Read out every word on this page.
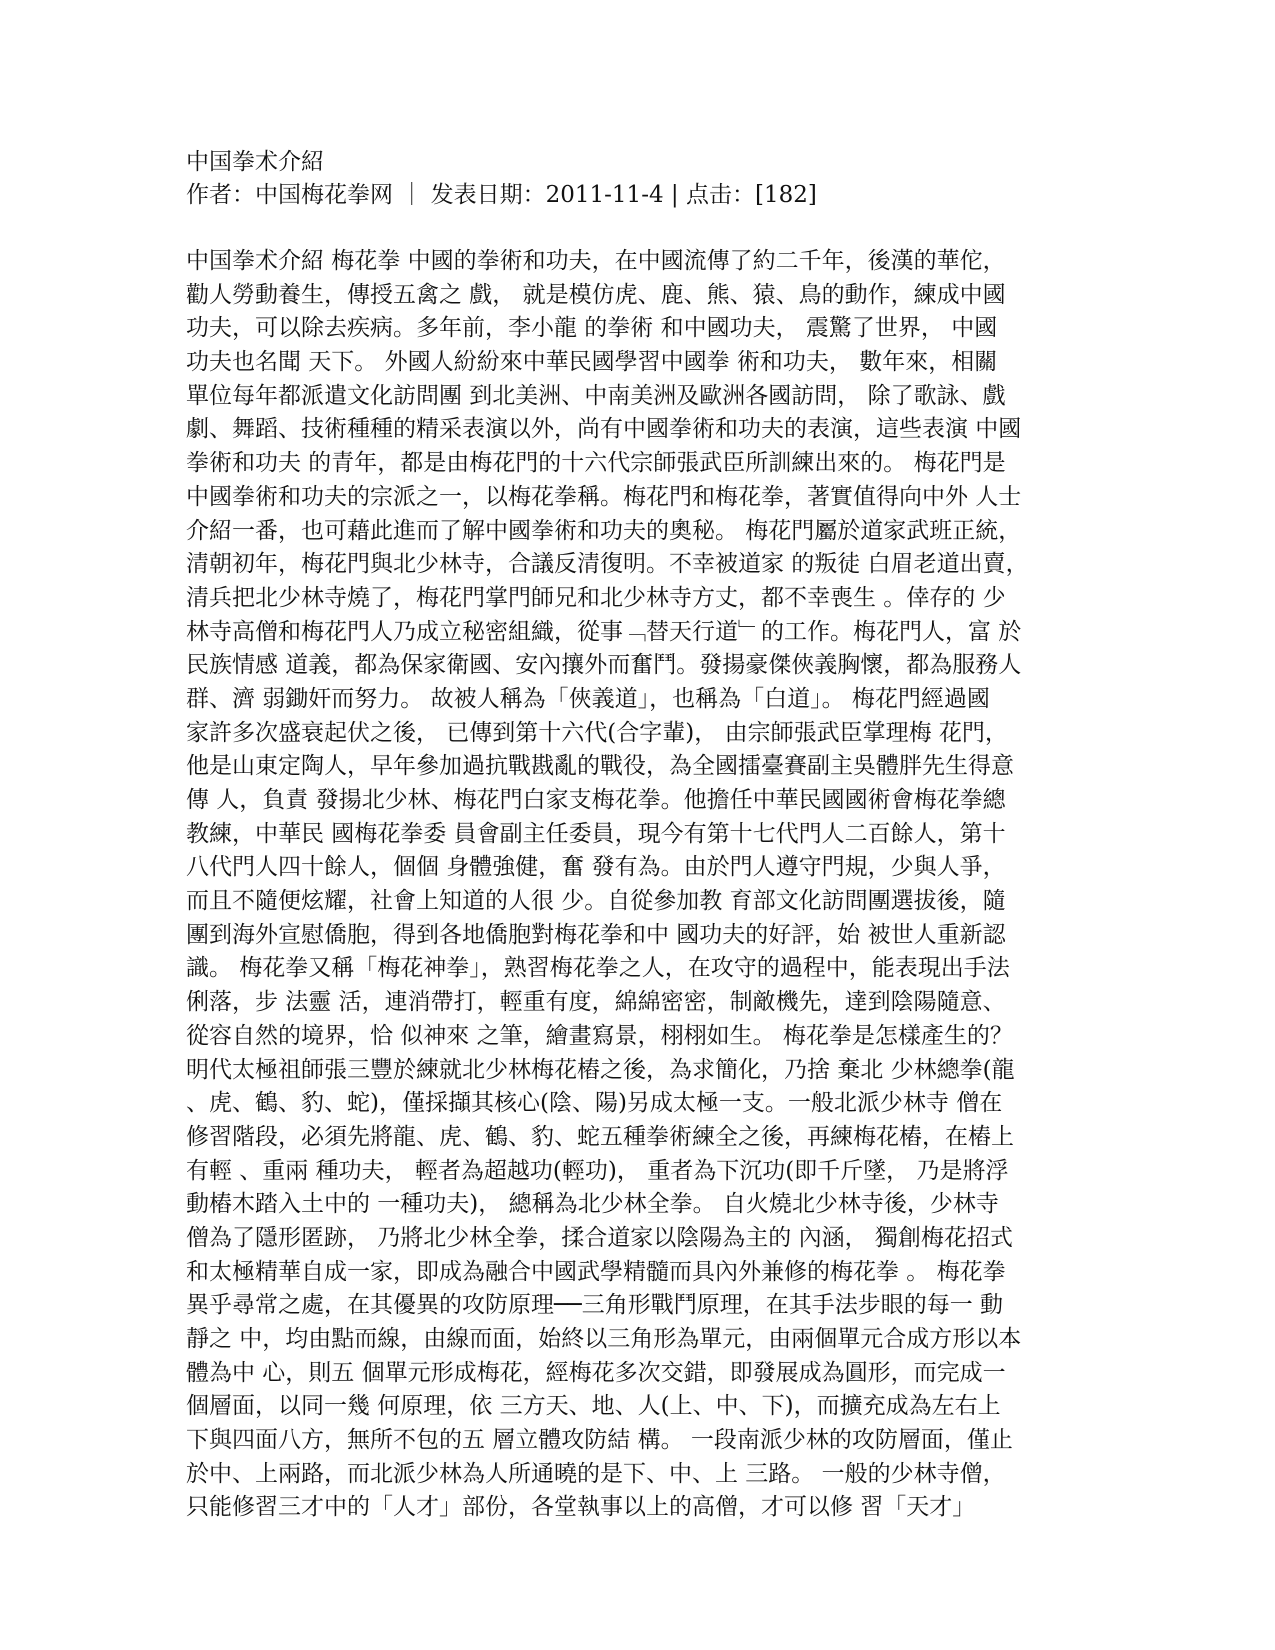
中国拳术介紹

作者：中国梅花拳网 ｜ 发表日期：2011-11-4 | 点击：[182]

中国拳术介紹 梅花拳 中國的拳術和功夫，在中國流傳了約二千年，後漢的華佗，
勸人勞動養生，傳授五禽之 戲， 就是模仿虎、鹿、熊、猿、鳥的動作，練成中國
功夫，可以除去疾病。多年前，李小龍 的拳術 和中國功夫， 震驚了世界， 中國
功夫也名聞 天下。 外國人紛紛來中華民國學習中國拳 術和功夫， 數年來，相關
單位每年都派遣文化訪問團 到北美洲、中南美洲及歐洲各國訪問， 除了歌詠、戲
劇、舞蹈、技術種種的精采表演以外，尚有中國拳術和功夫的表演，這些表演 中國
拳術和功夫 的青年，都是由梅花門的十六代宗師張武臣所訓練出來的。 梅花門是
中國拳術和功夫的宗派之一，以梅花拳稱。梅花門和梅花拳，著實值得向中外 人士
介紹一番，也可藉此進而了解中國拳術和功夫的奧秘。 梅花門屬於道家武班正統，
清朝初年，梅花門與北少林寺，合議反清復明。不幸被道家 的叛徒 白眉老道出賣，
清兵把北少林寺燒了，梅花門掌門師兄和北少林寺方丈，都不幸喪生 。倖存的 少
林寺高僧和梅花門人乃成立秘密組織，從事﹁替天行道﹂的工作。梅花門人，富 於
民族情感 道義，都為保家衛國、安內攘外而奮鬥。發揚豪傑俠義胸懷，都為服務人
群、濟 弱鋤奸而努力。 故被人稱為「俠義道」，也稱為「白道」。 梅花門經過國
家許多次盛衰起伏之後， 已傳到第十六代(合字輩)， 由宗師張武臣掌理梅 花門，
他是山東定陶人，早年參加過抗戰戡亂的戰役，為全國擂臺賽副主吳體胖先生得意
傳 人，負責 發揚北少林、梅花門白家支梅花拳。他擔任中華民國國術會梅花拳總
教練，中華民 國梅花拳委 員會副主任委員，現今有第十七代門人二百餘人，第十
八代門人四十餘人，個個 身體強健，奮 發有為。由於門人遵守門規，少與人爭，
而且不隨便炫耀，社會上知道的人很 少。自從參加教 育部文化訪問團選拔後，隨
團到海外宣慰僑胞，得到各地僑胞對梅花拳和中 國功夫的好評，始 被世人重新認
識。 梅花拳又稱「梅花神拳」，熟習梅花拳之人，在攻守的過程中，能表現出手法
俐落，步 法靈 活，連消帶打，輕重有度，綿綿密密，制敵機先，達到陰陽隨意、
從容自然的境界，恰 似神來 之筆，繪畫寫景，栩栩如生。 梅花拳是怎樣產生的？
明代太極祖師張三豐於練就北少林梅花樁之後，為求簡化，乃捨 棄北 少林總拳(龍
、虎、鶴、豹、蛇)，僅採擷其核心(陰、陽)另成太極一支。一般北派少林寺 僧在
修習階段，必須先將龍、虎、鶴、豹、蛇五種拳術練全之後，再練梅花樁，在樁上
有輕 、重兩 種功夫， 輕者為超越功(輕功)， 重者為下沉功(即千斤墜， 乃是將浮
動樁木踏入土中的 一種功夫)， 總稱為北少林全拳。 自火燒北少林寺後，少林寺
僧為了隱形匿跡， 乃將北少林全拳，揉合道家以陰陽為主的 內涵， 獨創梅花招式
和太極精華自成一家，即成為融合中國武學精髓而具內外兼修的梅花拳 。 梅花拳
異乎尋常之處，在其優異的攻防原理──三角形戰鬥原理，在其手法步眼的每一 動
靜之 中，均由點而線，由線而面，始終以三角形為單元，由兩個單元合成方形以本
體為中 心，則五 個單元形成梅花，經梅花多次交錯，即發展成為圓形，而完成一
個層面，以同一幾 何原理，依 三方天、地、人(上、中、下)，而擴充成為左右上
下與四面八方，無所不包的五 層立體攻防結 構。 一段南派少林的攻防層面，僅止
於中、上兩路，而北派少林為人所通曉的是下、中、上 三路。 一般的少林寺僧，
只能修習三才中的「人才」部份，各堂執事以上的高僧，才可以修 習「天才」
